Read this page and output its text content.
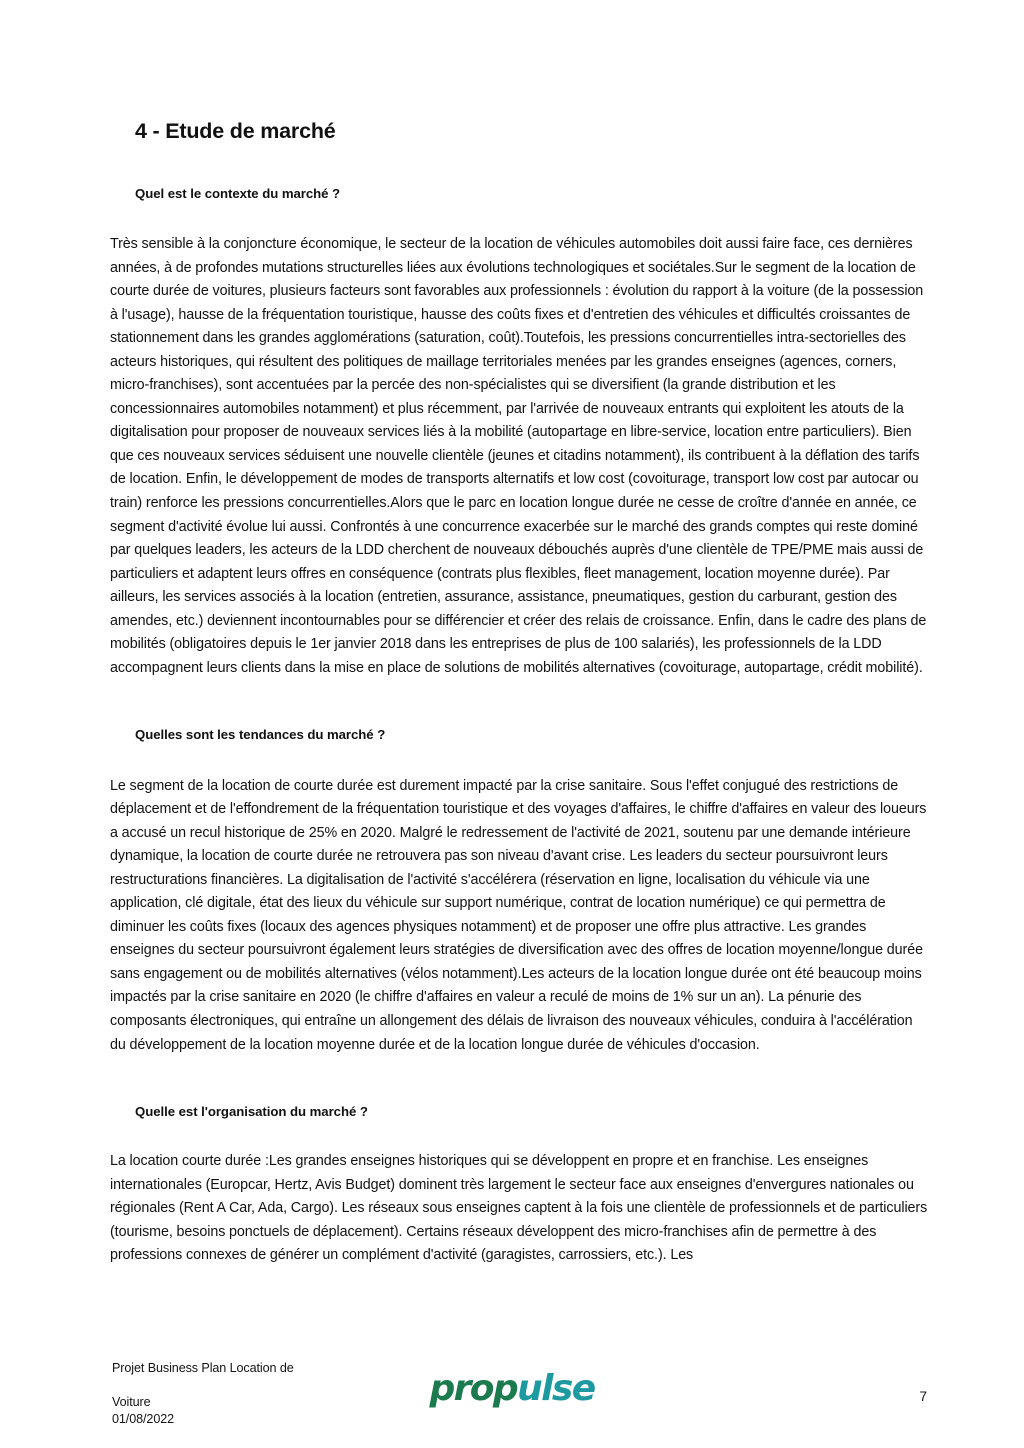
4 - Etude de marché
Quel est le contexte du marché ?

Très sensible à la conjoncture économique, le secteur de la location de véhicules automobiles doit aussi faire face, ces dernières années, à de profondes mutations structurelles liées aux évolutions technologiques et sociétales.Sur le segment de la location de courte durée de voitures, plusieurs facteurs sont favorables aux professionnels : évolution du rapport à la voiture (de la possession à l'usage), hausse de la fréquentation touristique, hausse des coûts fixes et d'entretien des véhicules et difficultés croissantes de stationnement dans les grandes agglomérations (saturation, coût).Toutefois, les pressions concurrentielles intra-sectorielles des acteurs historiques, qui résultent des politiques de maillage territoriales menées par les grandes enseignes (agences, corners, micro-franchises), sont accentuées par la percée des non-spécialistes qui se diversifient (la grande distribution et les concessionnaires automobiles notamment) et plus récemment, par l'arrivée de nouveaux entrants qui exploitent les atouts de la digitalisation pour proposer de nouveaux services liés à la mobilité (autopartage en libre-service, location entre particuliers). Bien que ces nouveaux services séduisent une nouvelle clientèle (jeunes et citadins notamment), ils contribuent à la déflation des tarifs de location. Enfin, le développement de modes de transports alternatifs et low cost (covoiturage, transport low cost par autocar ou train) renforce les pressions concurrentielles.Alors que le parc en location longue durée ne cesse de croître d'année en année, ce segment d'activité évolue lui aussi. Confrontés à une concurrence exacerbée sur le marché des grands comptes qui reste dominé par quelques leaders, les acteurs de la LDD cherchent de nouveaux débouchés auprès d'une clientèle de TPE/PME mais aussi de particuliers et adaptent leurs offres en conséquence (contrats plus flexibles, fleet management, location moyenne durée). Par ailleurs, les services associés à la location (entretien, assurance, assistance, pneumatiques, gestion du carburant, gestion des amendes, etc.) deviennent incontournables pour se différencier et créer des relais de croissance. Enfin, dans le cadre des plans de mobilités (obligatoires depuis le 1er janvier 2018 dans les entreprises de plus de 100 salariés), les professionnels de la LDD accompagnent leurs clients dans la mise en place de solutions de mobilités alternatives (covoiturage, autopartage, crédit mobilité).

Quelles sont les tendances du marché ?

Le segment de la location de courte durée est durement impacté par la crise sanitaire. Sous l'effet conjugué des restrictions de déplacement et de l'effondrement de la fréquentation touristique et des voyages d'affaires, le chiffre d'affaires en valeur des loueurs a accusé un recul historique de 25% en 2020. Malgré le redressement de l'activité de 2021, soutenu par une demande intérieure dynamique, la location de courte durée ne retrouvera pas son niveau d'avant crise. Les leaders du secteur poursuivront leurs restructurations financières. La digitalisation de l'activité s'accélérera (réservation en ligne, localisation du véhicule via une application, clé digitale, état des lieux du véhicule sur support numérique, contrat de location numérique) ce qui permettra de diminuer les coûts fixes (locaux des agences physiques notamment) et de proposer une offre plus attractive. Les grandes enseignes du secteur poursuivront également leurs stratégies de diversification avec des offres de location moyenne/longue durée sans engagement ou de mobilités alternatives (vélos notamment).Les acteurs de la location longue durée ont été beaucoup moins impactés par la crise sanitaire en 2020 (le chiffre d'affaires en valeur a reculé de moins de 1% sur un an). La pénurie des composants électroniques, qui entraîne un allongement des délais de livraison des nouveaux véhicules, conduira à l'accélération du développement de la location moyenne durée et de la location longue durée de véhicules d'occasion.

Quelle est l'organisation du marché ?

La location courte durée :Les grandes enseignes historiques qui se développent en propre et en franchise. Les enseignes internationales (Europcar, Hertz, Avis Budget) dominent très largement le secteur face aux enseignes d'envergures nationales ou régionales (Rent A Car, Ada, Cargo). Les réseaux sous enseignes captent à la fois une clientèle de professionnels et de particuliers (tourisme, besoins ponctuels de déplacement). Certains réseaux développent des micro-franchises afin de permettre à des professions connexes de générer un complément d'activité (garagistes, carrossiers, etc.). Les

Projet Business Plan Location de
Voiture
01/08/2022
propulse	7
